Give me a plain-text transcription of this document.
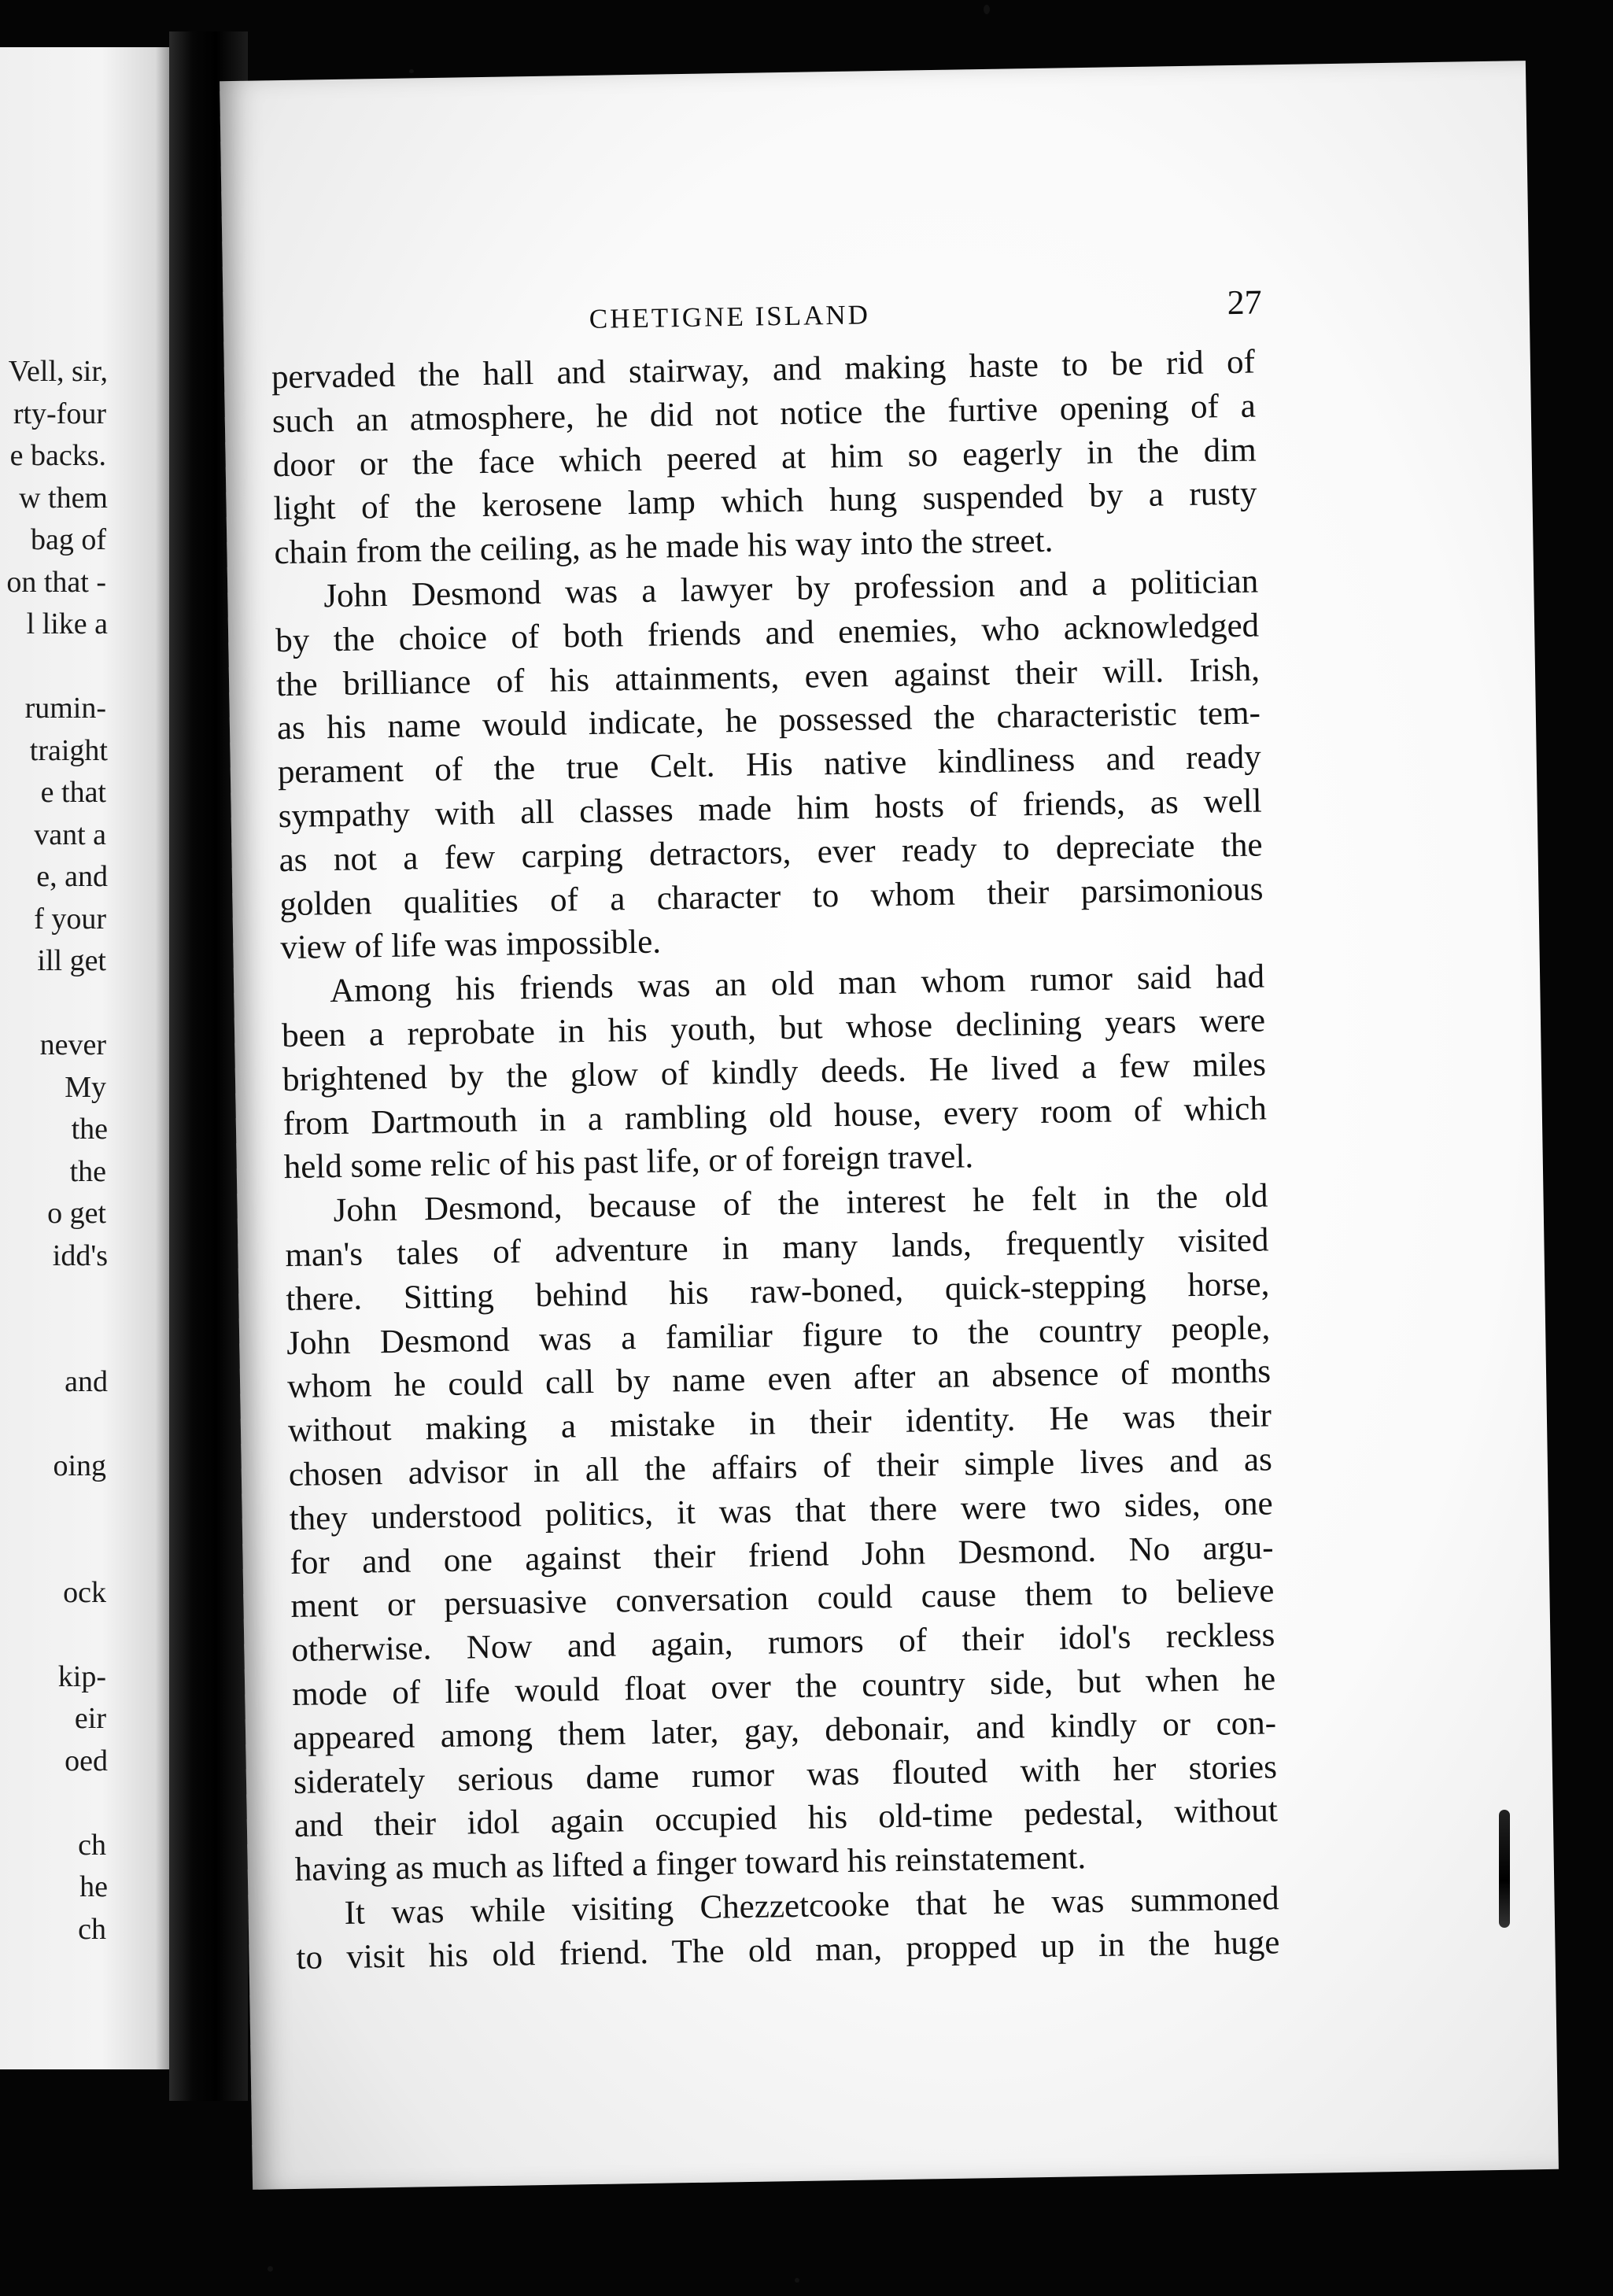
Vell, sir,
rty-four
e backs.
w them
bag of
on that -
l like a
rumin-
traight
e that
vant a
e, and
f your
ill get
never
My
the
the
o get
idd's
and
oing
ock
kip-
eir
oed
ch
he
ch
CHETIGNE ISLAND	27
pervaded the hall and stairway, and making haste to be rid of
such an atmosphere, he did not notice the furtive opening of a
door or the face which peered at him so eagerly in the dim
light of the kerosene lamp which hung suspended by a rusty
chain from the ceiling, as he made his way into the street.
John Desmond was a lawyer by profession and a politician
by the choice of both friends and enemies, who acknowledged
the brilliance of his attainments, even against their will. Irish,
as his name would indicate, he possessed the characteristic tem-
perament of the true Celt. His native kindliness and ready
sympathy with all classes made him hosts of friends, as well
as not a few carping detractors, ever ready to depreciate the
golden qualities of a character to whom their parsimonious
view of life was impossible.
Among his friends was an old man whom rumor said had
been a reprobate in his youth, but whose declining years were
brightened by the glow of kindly deeds. He lived a few miles
from Dartmouth in a rambling old house, every room of which
held some relic of his past life, or of foreign travel.
John Desmond, because of the interest he felt in the old
man's tales of adventure in many lands, frequently visited
there. Sitting behind his raw-boned, quick-stepping horse,
John Desmond was a familiar figure to the country people,
whom he could call by name even after an absence of months
without making a mistake in their identity. He was their
chosen advisor in all the affairs of their simple lives and as
they understood politics, it was that there were two sides, one
for and one against their friend John Desmond. No argu-
ment or persuasive conversation could cause them to believe
otherwise. Now and again, rumors of their idol's reckless
mode of life would float over the country side, but when he
appeared among them later, gay, debonair, and kindly or con-
siderately serious dame rumor was flouted with her stories
and their idol again occupied his old-time pedestal, without
having as much as lifted a finger toward his reinstatement.
It was while visiting Chezzetcooke that he was summoned
to visit his old friend. The old man, propped up in the huge
